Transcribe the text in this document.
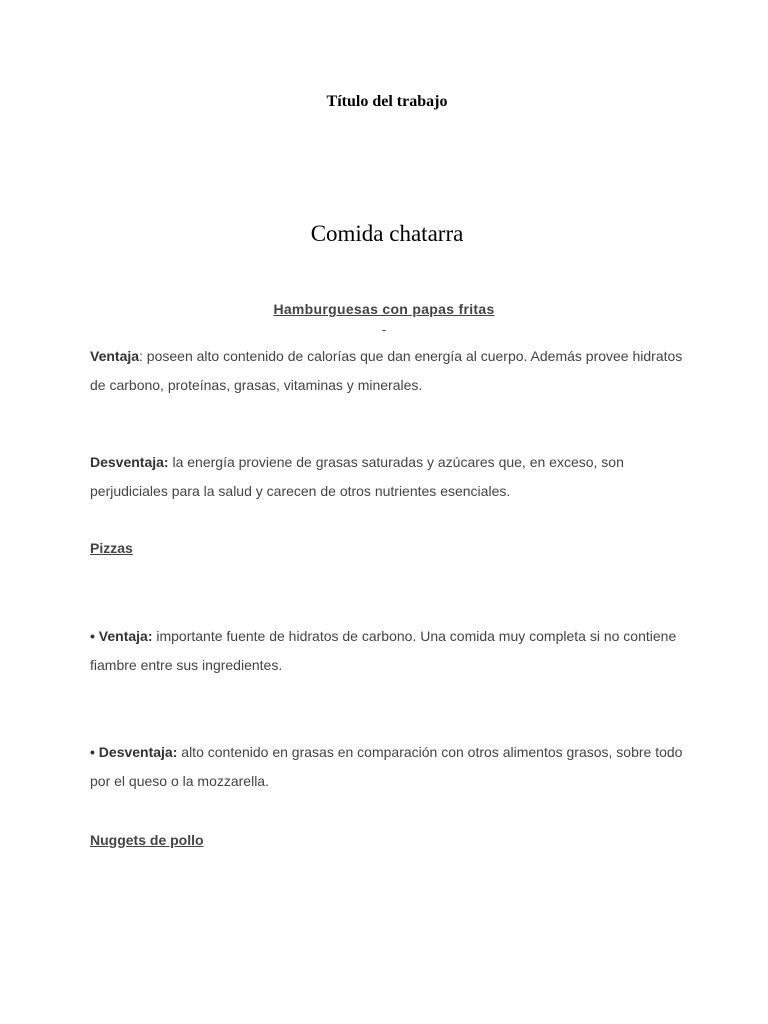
Título del trabajo
Comida chatarra
Hamburguesas con papas fritas
-

Ventaja: poseen alto contenido de calorías que dan energía al cuerpo. Además provee hidratos de carbono, proteínas, grasas, vitaminas y minerales.

Desventaja: la energía proviene de grasas saturadas y azúcares que, en exceso, son perjudiciales para la salud y carecen de otros nutrientes esenciales.

Pizzas

• Ventaja: importante fuente de hidratos de carbono. Una comida muy completa si no contiene fiambre entre sus ingredientes.

• Desventaja: alto contenido en grasas en comparación con otros alimentos grasos, sobre todo por el queso o la mozzarella.

Nuggets de pollo
